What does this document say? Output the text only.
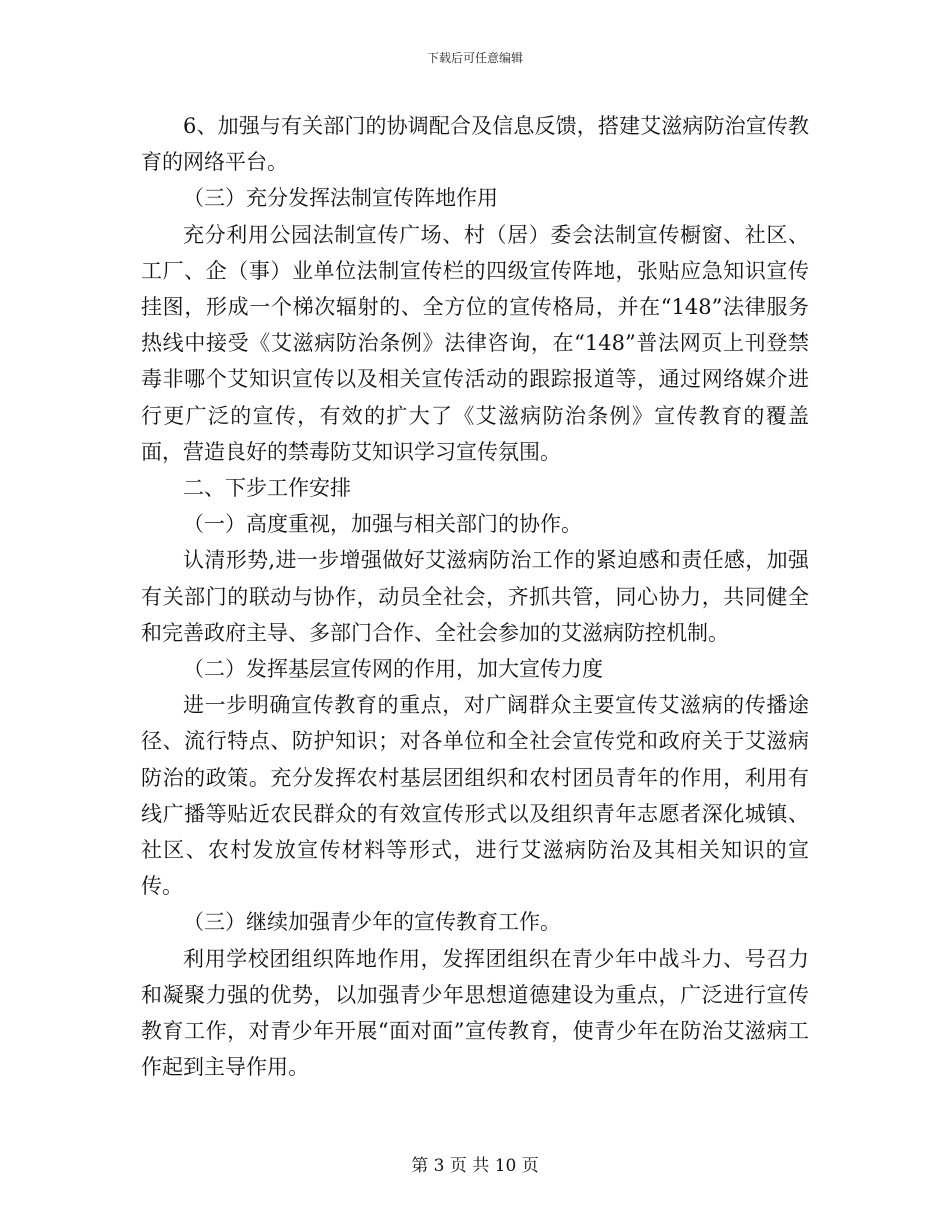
下载后可任意编辑

6、加强与有关部门的协调配合及信息反馈，搭建艾滋病防治宣传教育的网络平台。

（三）充分发挥法制宣传阵地作用

充分利用公园法制宣传广场、村（居）委会法制宣传橱窗、社区、工厂、企（事）业单位法制宣传栏的四级宣传阵地，张贴应急知识宣传挂图，形成一个梯次辐射的、全方位的宣传格局，并在“148”法律服务热线中接受《艾滋病防治条例》法律咨询，在“148”普法网页上刊登禁毒非哪个艾知识宣传以及相关宣传活动的跟踪报道等，通过网络媒介进行更广泛的宣传，有效的扩大了《艾滋病防治条例》宣传教育的覆盖面，营造良好的禁毒防艾知识学习宣传氛围。

二、下步工作安排

（一）高度重视，加强与相关部门的协作。

认清形势,进一步增强做好艾滋病防治工作的紧迫感和责任感，加强有关部门的联动与协作，动员全社会，齐抓共管，同心协力，共同健全和完善政府主导、多部门合作、全社会参加的艾滋病防控机制。

（二）发挥基层宣传网的作用，加大宣传力度

进一步明确宣传教育的重点，对广阔群众主要宣传艾滋病的传播途径、流行特点、防护知识；对各单位和全社会宣传党和政府关于艾滋病防治的政策。充分发挥农村基层团组织和农村团员青年的作用，利用有线广播等贴近农民群众的有效宣传形式以及组织青年志愿者深化城镇、社区、农村发放宣传材料等形式，进行艾滋病防治及其相关知识的宣传。

（三）继续加强青少年的宣传教育工作。

利用学校团组织阵地作用，发挥团组织在青少年中战斗力、号召力和凝聚力强的优势，以加强青少年思想道德建设为重点，广泛进行宣传教育工作，对青少年开展“面对面”宣传教育，使青少年在防治艾滋病工作起到主导作用。

第 3 页 共 10 页
